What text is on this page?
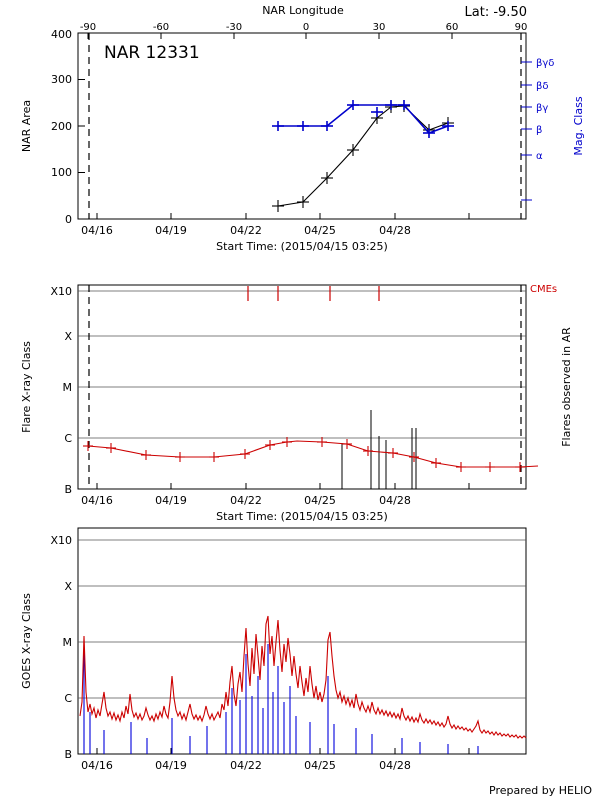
NAR Longitude	Lat: -9.50
-90	-60	-30	0	30	60	90
0
100
200
300
400
04/16	04/19	04/22	04/25	04/28
NAR 12331
βγδ
βδ
βγ
β
α
NAR Area	Mag. Class
Start Time: (2015/04/15 03:25)
B
C
M
X
X10
04/16	04/19	04/22	04/25	04/28
CMEs
Flare X-ray Class	Flares observed in AR
Start Time: (2015/04/15 03:25)
B
C
M
X
X10
04/16	04/19	04/22	04/25	04/28
GOES X-ray Class
Prepared by HELIO
